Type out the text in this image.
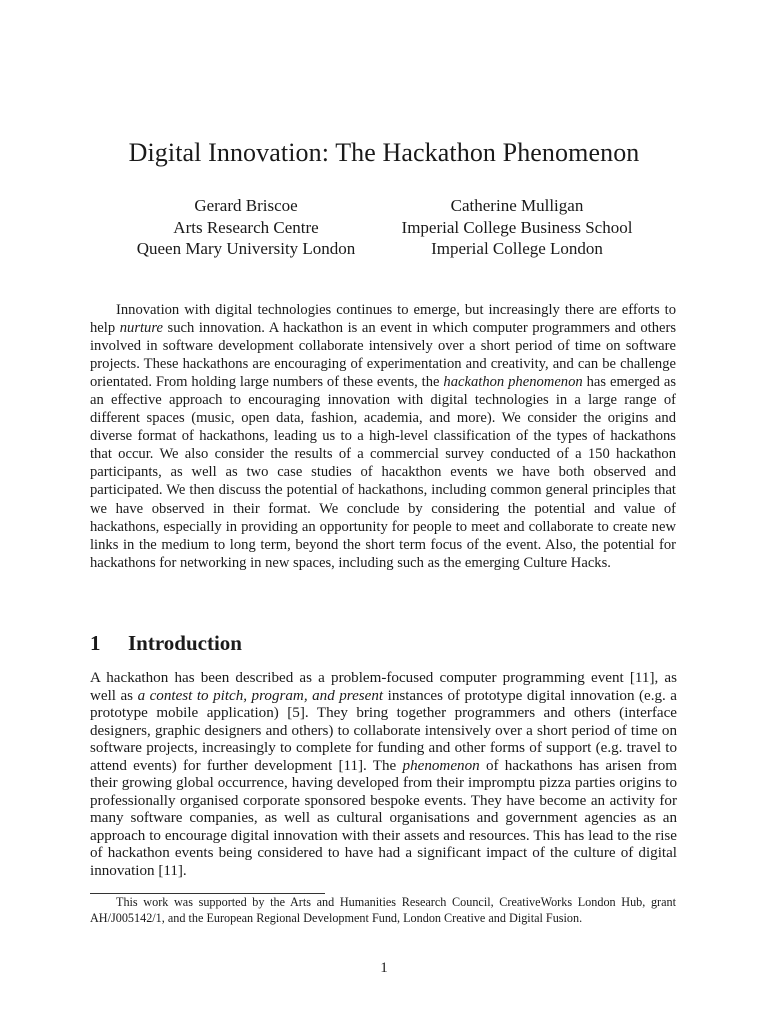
Digital Innovation: The Hackathon Phenomenon
Gerard Briscoe
Arts Research Centre
Queen Mary University London
Catherine Mulligan
Imperial College Business School
Imperial College London

Innovation with digital technologies continues to emerge, but increasingly there are efforts to help nurture such innovation. A hackathon is an event in which computer programmers and others involved in software development collaborate intensively over a short period of time on software projects. These hackathons are encouraging of experimentation and creativity, and can be challenge orientated. From holding large numbers of these events, the hackathon phenomenon has emerged as an effective approach to encouraging innovation with digital technologies in a large range of different spaces (music, open data, fashion, academia, and more). We consider the origins and diverse format of hackathons, leading us to a high-level classification of the types of hackathons that occur. We also consider the results of a commercial survey conducted of a 150 hackathon participants, as well as two case studies of hacakthon events we have both observed and participated. We then discuss the potential of hackathons, including common general principles that we have observed in their format. We conclude by considering the potential and value of hackathons, especially in providing an opportunity for people to meet and collaborate to create new links in the medium to long term, beyond the short term focus of the event. Also, the potential for hackathons for networking in new spaces, including such as the emerging Culture Hacks.

1 Introduction

A hackathon has been described as a problem-focused computer programming event [11], as well as a contest to pitch, program, and present instances of prototype digital innovation (e.g. a prototype mobile application) [5]. They bring together programmers and others (interface designers, graphic designers and others) to collaborate intensively over a short period of time on software projects, increasingly to complete for funding and other forms of support (e.g. travel to attend events) for further development [11]. The phenomenon of hackathons has arisen from their growing global occurrence, having developed from their impromptu pizza parties origins to professionally organised corporate sponsored bespoke events. They have become an activity for many software companies, as well as cultural organisations and government agencies as an approach to encourage digital innovation with their assets and resources. This has lead to the rise of hackathon events being considered to have had a significant impact of the culture of digital innovation [11].

This work was supported by the Arts and Humanities Research Council, CreativeWorks London Hub, grant AH/J005142/1, and the European Regional Development Fund, London Creative and Digital Fusion.

1
